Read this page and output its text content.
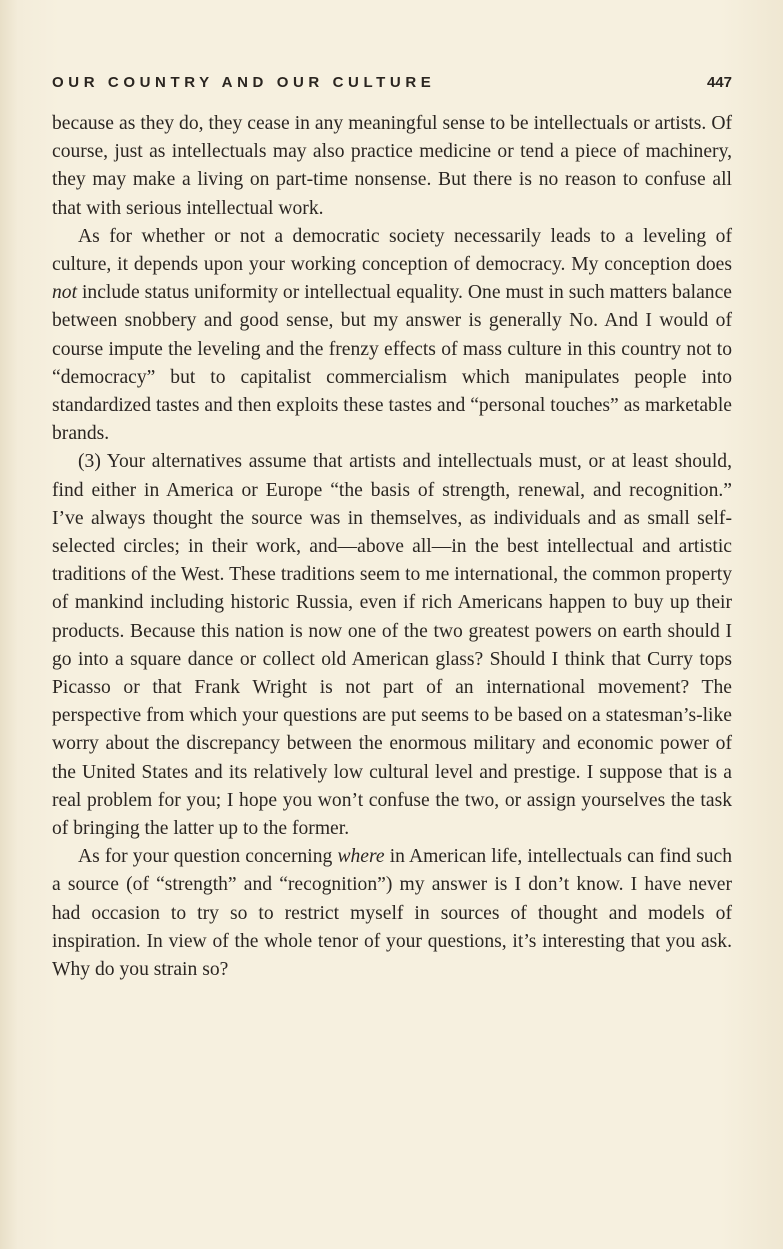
OUR COUNTRY AND OUR CULTURE	447

because as they do, they cease in any meaningful sense to be intellectuals or artists. Of course, just as intellectuals may also practice medicine or tend a piece of machinery, they may make a living on part-time nonsense. But there is no reason to confuse all that with serious intellectual work.

As for whether or not a democratic society necessarily leads to a leveling of culture, it depends upon your working conception of democracy. My conception does not include status uniformity or intellectual equality. One must in such matters balance between snobbery and good sense, but my answer is generally No. And I would of course impute the leveling and the frenzy effects of mass culture in this country not to “democracy” but to capitalist commercialism which manipulates people into standardized tastes and then exploits these tastes and “personal touches” as marketable brands.

(3) Your alternatives assume that artists and intellectuals must, or at least should, find either in America or Europe “the basis of strength, renewal, and recognition.” I’ve always thought the source was in themselves, as individuals and as small self-selected circles; in their work, and—above all—in the best intellectual and artistic traditions of the West. These traditions seem to me international, the common property of mankind including historic Russia, even if rich Americans happen to buy up their products. Because this nation is now one of the two greatest powers on earth should I go into a square dance or collect old American glass? Should I think that Curry tops Picasso or that Frank Wright is not part of an international movement? The perspective from which your questions are put seems to be based on a statesman’s-like worry about the discrepancy between the enormous military and economic power of the United States and its relatively low cultural level and prestige. I suppose that is a real problem for you; I hope you won’t confuse the two, or assign yourselves the task of bringing the latter up to the former.

As for your question concerning where in American life, intellectuals can find such a source (of “strength” and “recognition”) my answer is I don’t know. I have never had occasion to try so to restrict myself in sources of thought and models of inspiration. In view of the whole tenor of your questions, it’s interesting that you ask. Why do you strain so?
